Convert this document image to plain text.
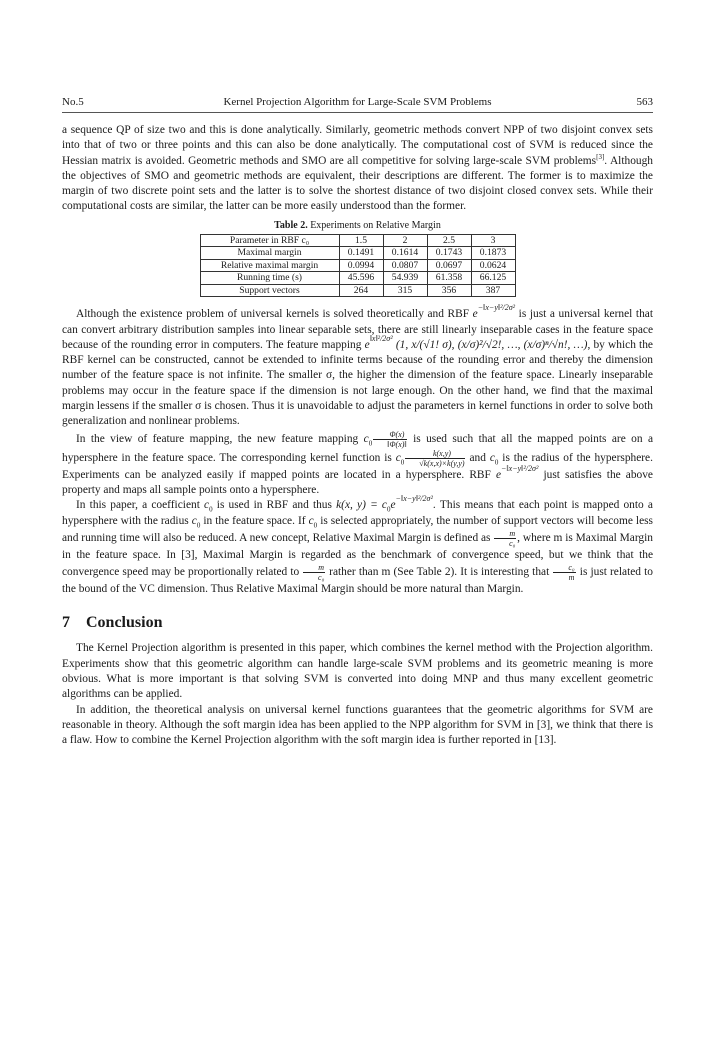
No.5	Kernel Projection Algorithm for Large-Scale SVM Problems	563

a sequence QP of size two and this is done analytically. Similarly, geometric methods convert NPP of two disjoint convex sets into that of two or three points and this can also be done analytically. The computational cost of SVM is reduced since the Hessian matrix is avoided. Geometric methods and SMO are all competitive for solving large-scale SVM problems[3]. Although the objectives of SMO and geometric methods are equivalent, their descriptions are different. The former is to maximize the margin of two discrete point sets and the latter is to solve the shortest distance of two disjoint closed convex sets. While their computational costs are similar, the latter can be more easily understood than the former.

Table 2. Experiments on Relative Margin
Parameter in RBF c₀	1.5	2	2.5	3
Maximal margin	0.1491	0.1614	0.1743	0.1873
Relative maximal margin	0.0994	0.0807	0.0697	0.0624
Running time (s)	45.596	54.939	61.358	66.125
Support vectors	264	315	356	387

Although the existence problem of universal kernels is solved theoretically and RBF $e^{-‖x-y‖^2/2\sigma^2}$ is just a universal kernel that can convert arbitrary distribution samples into linear separable sets, there are still linearly inseparable cases in the feature space because of the rounding error in computers. The feature mapping $e^{‖x‖^2/2\sigma^2}$ (1, x/(√1! σ), (x/σ)²/√2!, …, (x/σ)ⁿ/√n!, …), by which the RBF kernel can be constructed, cannot be extended to infinite terms because of the rounding error and thereby the dimension number of the feature space is not infinite. The smaller σ, the higher the dimension of the feature space. Linearly inseparable problems may occur in the feature space if the dimension is not large enough. On the other hand, we find that the maximal margin lessens if the smaller σ is chosen. Thus it is unavoidable to adjust the parameters in kernel functions in order to solve both generalization and nonlinear problems.

In the view of feature mapping, the new feature mapping $c_0 \frac{\Phi(x)}{‖\Phi(x)‖}$ is used such that all the mapped points are on a hypersphere in the feature space. The corresponding kernel function is $c_0 \frac{k(x,y)}{√k(x,x)\times k(y,y)}$ and $c_0$ is the radius of the hypersphere. Experiments can be analyzed easily if mapped points are located in a hypersphere. RBF $e^{-‖x-y‖^2/2\sigma^2}$ just satisfies the above property and maps all sample points onto a hypersphere.

In this paper, a coefficient $c_0$ is used in RBF and thus k(x, $y) = c_0e^{-‖x-y‖^2/2\sigma^2}$. This means that each point is mapped onto a hypersphere with the radius $c_0$ in the feature space. If $c_0$ is selected appropriately, the number of support vectors will become less and running time will also be reduced. A new concept, Relative Maximal Margin is defined as $\frac{m}{\text{c₀}}$ , where m is Maximal Margin in the feature space. In [3], Maximal Margin is regarded as the benchmark of convergence speed, but we think that the convergence speed may be proportionally related to $\frac{m}{\text{c₀}}$ rather than m (See Table 2). It is interesting that $\frac{\text{c₀}}{m}$ is just related to the bound of the VC dimension. Thus Relative Maximal Margin should be more natural than Margin.

7 Conclusion

The Kernel Projection algorithm is presented in this paper, which combines the kernel method with the Projection algorithm. Experiments show that this geometric algorithm can handle large-scale SVM problems and its geometric meaning is more obvious. What is more important is that solving SVM is converted into doing MNP and thus many excellent geometric algorithms can be applied.

In addition, the theoretical analysis on universal kernel functions guarantees that the geometric algorithms for SVM are reasonable in theory. Although the soft margin idea has been applied to the NPP algorithm for SVM in [3], we think that there is a flaw. How to combine the Kernel Projection algorithm with the soft margin idea is further reported in [13].
